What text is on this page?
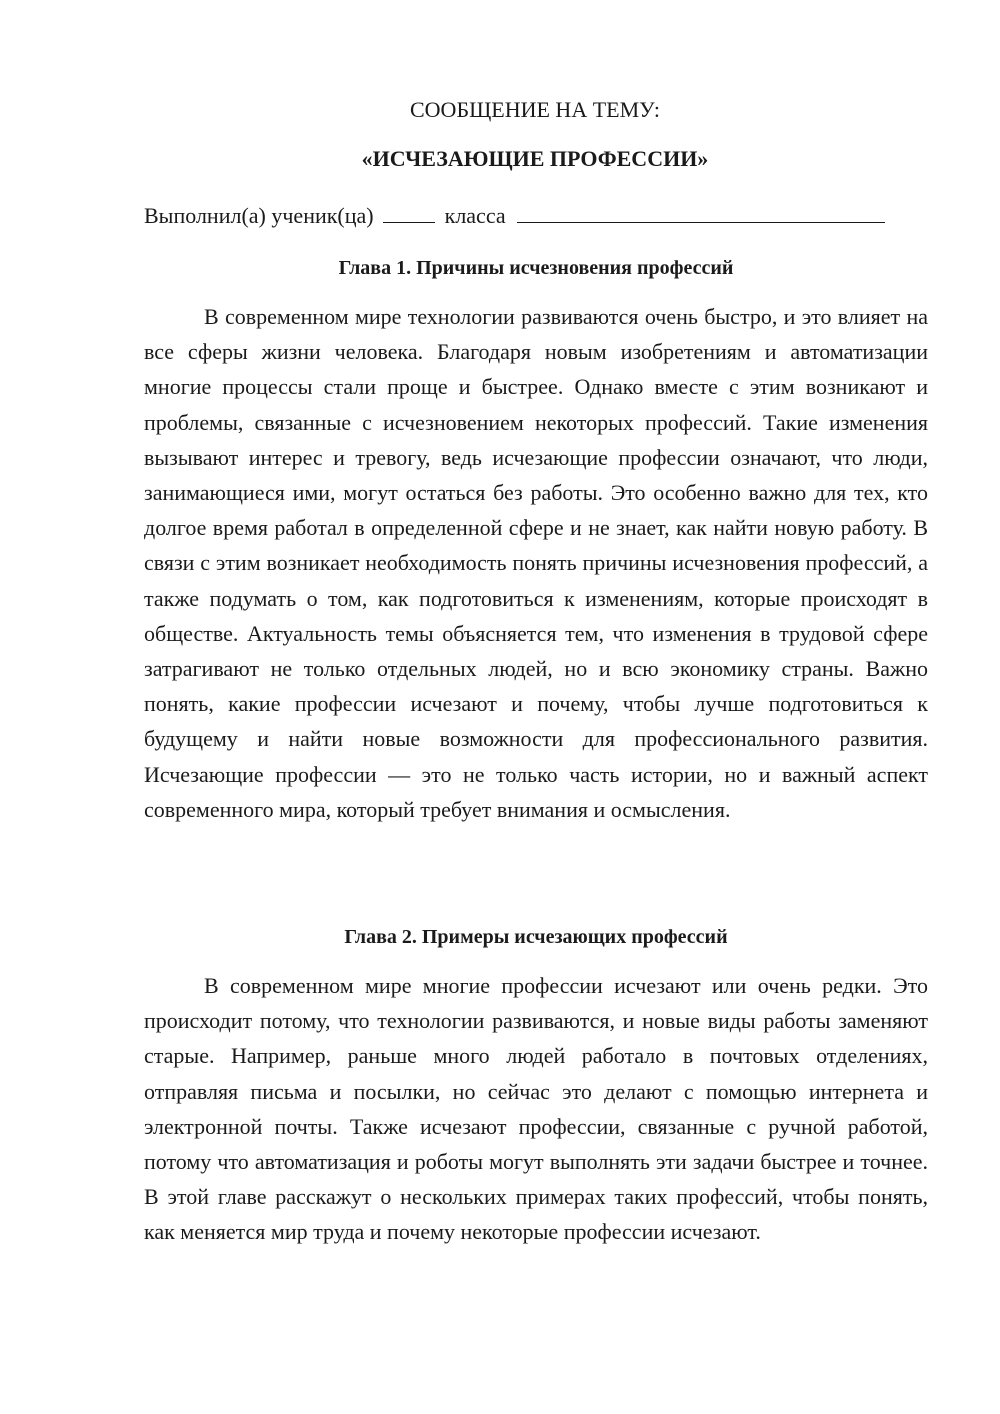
СООБЩЕНИЕ НА ТЕМУ:
«ИСЧЕЗАЮЩИЕ ПРОФЕССИИ»
Выполнил(а) ученик(ца)	класса
Глава 1. Причины исчезновения профессий

В современном мире технологии развиваются очень быстро, и это влияет на все сферы жизни человека. Благодаря новым изобретениям и автоматизации многие процессы стали проще и быстрее. Однако вместе с этим возникают и проблемы, связанные с исчезновением некоторых профессий. Такие изменения вызывают интерес и тревогу, ведь исчезающие профессии означают, что люди, занимающиеся ими, могут остаться без работы. Это особенно важно для тех, кто долгое время работал в определенной сфере и не знает, как найти новую работу. В связи с этим возникает необходимость понять причины исчезновения профессий, а также подумать о том, как подготовиться к изменениям, которые происходят в обществе. Актуальность темы объясняется тем, что изменения в трудовой сфере затрагивают не только отдельных людей, но и всю экономику страны. Важно понять, какие профессии исчезают и почему, чтобы лучше подготовиться к будущему и найти новые возможности для профессионального развития. Исчезающие профессии — это не только часть истории, но и важный аспект современного мира, который требует внимания и осмысления.

Глава 2. Примеры исчезающих профессий

В современном мире многие профессии исчезают или очень редки. Это происходит потому, что технологии развиваются, и новые виды работы заменяют старые. Например, раньше много людей работало в почтовых отделениях, отправляя письма и посылки, но сейчас это делают с помощью интернета и электронной почты. Также исчезают профессии, связанные с ручной работой, потому что автоматизация и роботы могут выполнять эти задачи быстрее и точнее. В этой главе расскажут о нескольких примерах таких профессий, чтобы понять, как меняется мир труда и почему некоторые профессии исчезают.
